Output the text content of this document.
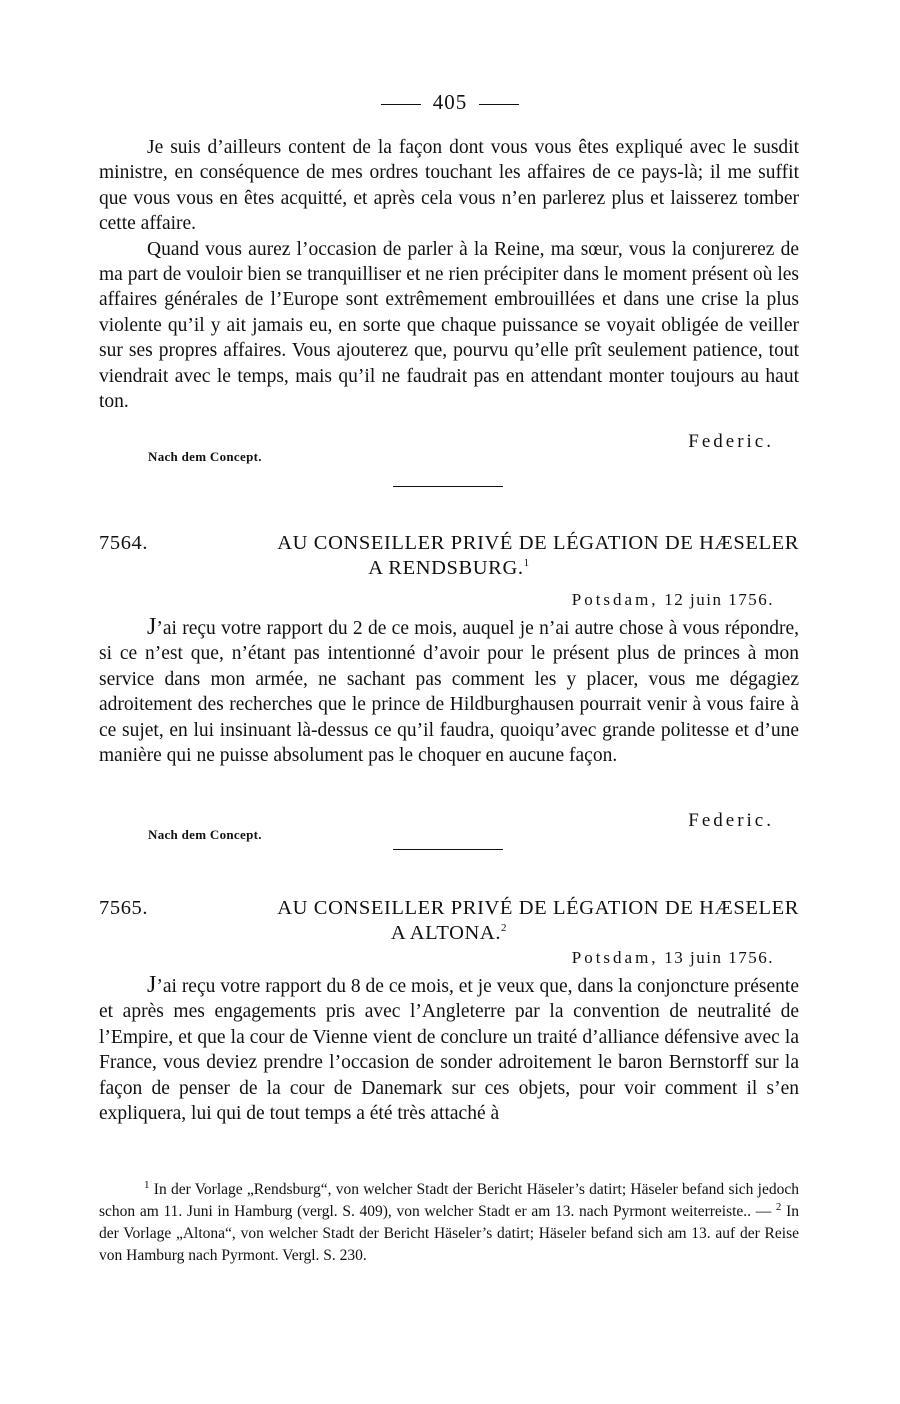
405

Je suis d’ailleurs content de la façon dont vous vous êtes expliqué avec le susdit ministre, en conséquence de mes ordres touchant les affaires de ce pays-là; il me suffit que vous vous en êtes acquitté, et après cela vous n’en parlerez plus et laisserez tomber cette affaire.

Quand vous aurez l’occasion de parler à la Reine, ma sœur, vous la conjurerez de ma part de vouloir bien se tranquilliser et ne rien précipiter dans le moment présent où les affaires générales de l’Europe sont extrêmement embrouillées et dans une crise la plus violente qu’il y ait jamais eu, en sorte que chaque puissance se voyait obligée de veiller sur ses propres affaires. Vous ajouterez que, pourvu qu’elle prît seulement patience, tout viendrait avec le temps, mais qu’il ne faudrait pas en attendant monter toujours au haut ton.

Federic.
Nach dem Concept.
7564.	AU CONSEILLER PRIVÉ DE LÉGATION DE HÆSELER
A RENDSBURG.$^1$
Potsdam, 12 juin 1756.

J’ai reçu votre rapport du 2 de ce mois, auquel je n’ai autre chose à vous répondre, si ce n’est que, n’étant pas intentionné d’avoir pour le présent plus de princes à mon service dans mon armée, ne sachant pas comment les y placer, vous me dégagiez adroitement des recherches que le prince de Hildburghausen pourrait venir à vous faire à ce sujet, en lui insinuant là-dessus ce qu’il faudra, quoiqu’avec grande politesse et d’une manière qui ne puisse absolument pas le choquer en aucune façon.

Federic.
Nach dem Concept.
7565.	AU CONSEILLER PRIVÉ DE LÉGATION DE HÆSELER
A ALTONA.$^2$
Potsdam, 13 juin 1756.

J’ai reçu votre rapport du 8 de ce mois, et je veux que, dans la conjoncture présente et après mes engagements pris avec l’Angleterre par la convention de neutralité de l’Empire, et que la cour de Vienne vient de conclure un traité d’alliance défensive avec la France, vous deviez prendre l’occasion de sonder adroitement le baron Bernstorff sur la façon de penser de la cour de Danemark sur ces objets, pour voir comment il s’en expliquera, lui qui de tout temps a été très attaché à

$^1$ In der Vorlage „Rendsburg“, von welcher Stadt der Bericht Häseler’s datirt; Häseler befand sich jedoch schon am 11. Juni in Hamburg (vergl. S. 409), von welcher Stadt er am 13. nach Pyrmont weiterreiste.. — $^2$ In der Vorlage „Altona“, von welcher Stadt der Bericht Häseler’s datirt; Häseler befand sich am 13. auf der Reise von Hamburg nach Pyrmont. Vergl. S. 230.
